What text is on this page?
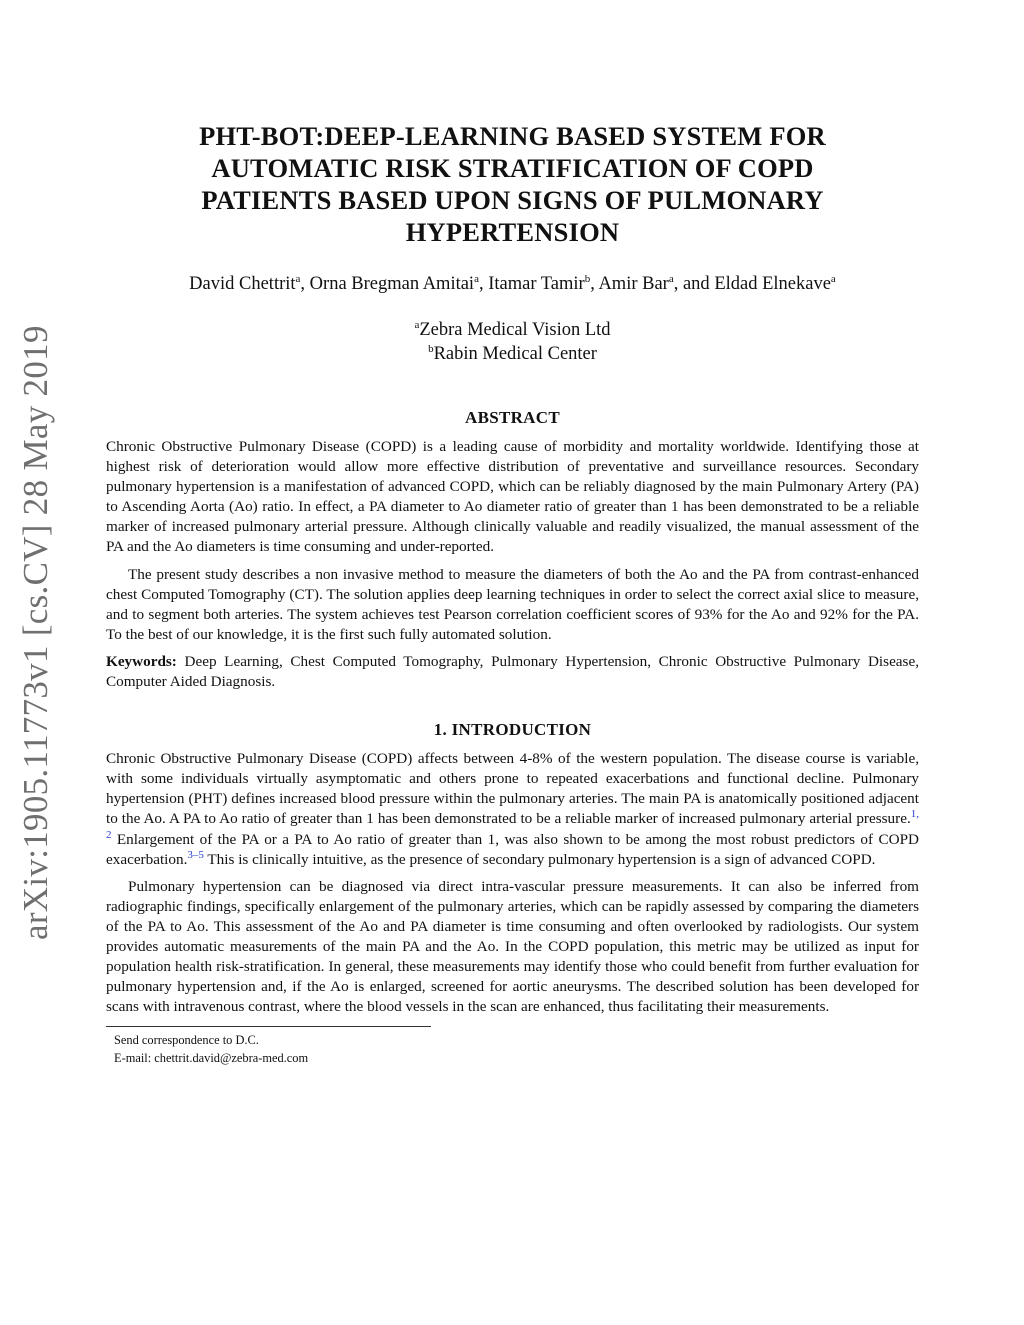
arXiv:1905.11773v1 [cs.CV] 28 May 2019
PHT-BOT:DEEP-LEARNING BASED SYSTEM FOR
AUTOMATIC RISK STRATIFICATION OF COPD
PATIENTS BASED UPON SIGNS OF PULMONARY
HYPERTENSION
David Chettrit$^a$, Orna Bregman Amitai$^a$, Itamar Tamir$^b$, Amir Bar$^a$, and Eldad Elnekave$^a$
$^a$Zebra Medical Vision Ltd
$^b$Rabin Medical Center
ABSTRACT

Chronic Obstructive Pulmonary Disease (COPD) is a leading cause of morbidity and mortality worldwide. Identifying those at highest risk of deterioration would allow more effective distribution of preventative and surveillance resources. Secondary pulmonary hypertension is a manifestation of advanced COPD, which can be reliably diagnosed by the main Pulmonary Artery (PA) to Ascending Aorta (Ao) ratio. In effect, a PA diameter to Ao diameter ratio of greater than 1 has been demonstrated to be a reliable marker of increased pulmonary arterial pressure. Although clinically valuable and readily visualized, the manual assessment of the PA and the Ao diameters is time consuming and under-reported.

The present study describes a non invasive method to measure the diameters of both the Ao and the PA from contrast-enhanced chest Computed Tomography (CT). The solution applies deep learning techniques in order to select the correct axial slice to measure, and to segment both arteries. The system achieves test Pearson correlation coefficient scores of 93% for the Ao and 92% for the PA. To the best of our knowledge, it is the first such fully automated solution.

Keywords: Deep Learning, Chest Computed Tomography, Pulmonary Hypertension, Chronic Obstructive Pulmonary Disease, Computer Aided Diagnosis.

1. INTRODUCTION

Chronic Obstructive Pulmonary Disease (COPD) affects between 4-8% of the western population. The disease course is variable, with some individuals virtually asymptomatic and others prone to repeated exacerbations and functional decline. Pulmonary hypertension (PHT) defines increased blood pressure within the pulmonary arteries. The main PA is anatomically positioned adjacent to the Ao. A PA to Ao ratio of greater than 1 has been demonstrated to be a reliable marker of increased pulmonary arterial pressure.$^{1, 2}$ Enlargement of the PA or a PA to Ao ratio of greater than 1, was also shown to be among the most robust predictors of COPD exacerbation.$^{3-5}$ This is clinically intuitive, as the presence of secondary pulmonary hypertension is a sign of advanced COPD.

Pulmonary hypertension can be diagnosed via direct intra-vascular pressure measurements. It can also be inferred from radiographic findings, specifically enlargement of the pulmonary arteries, which can be rapidly assessed by comparing the diameters of the PA to Ao. This assessment of the Ao and PA diameter is time consuming and often overlooked by radiologists. Our system provides automatic measurements of the main PA and the Ao. In the COPD population, this metric may be utilized as input for population health risk-stratification. In general, these measurements may identify those who could benefit from further evaluation for pulmonary hypertension and, if the Ao is enlarged, screened for aortic aneurysms. The described solution has been developed for scans with intravenous contrast, where the blood vessels in the scan are enhanced, thus facilitating their measurements.

Send correspondence to D.C.
E-mail: chettrit.david@zebra-med.com
